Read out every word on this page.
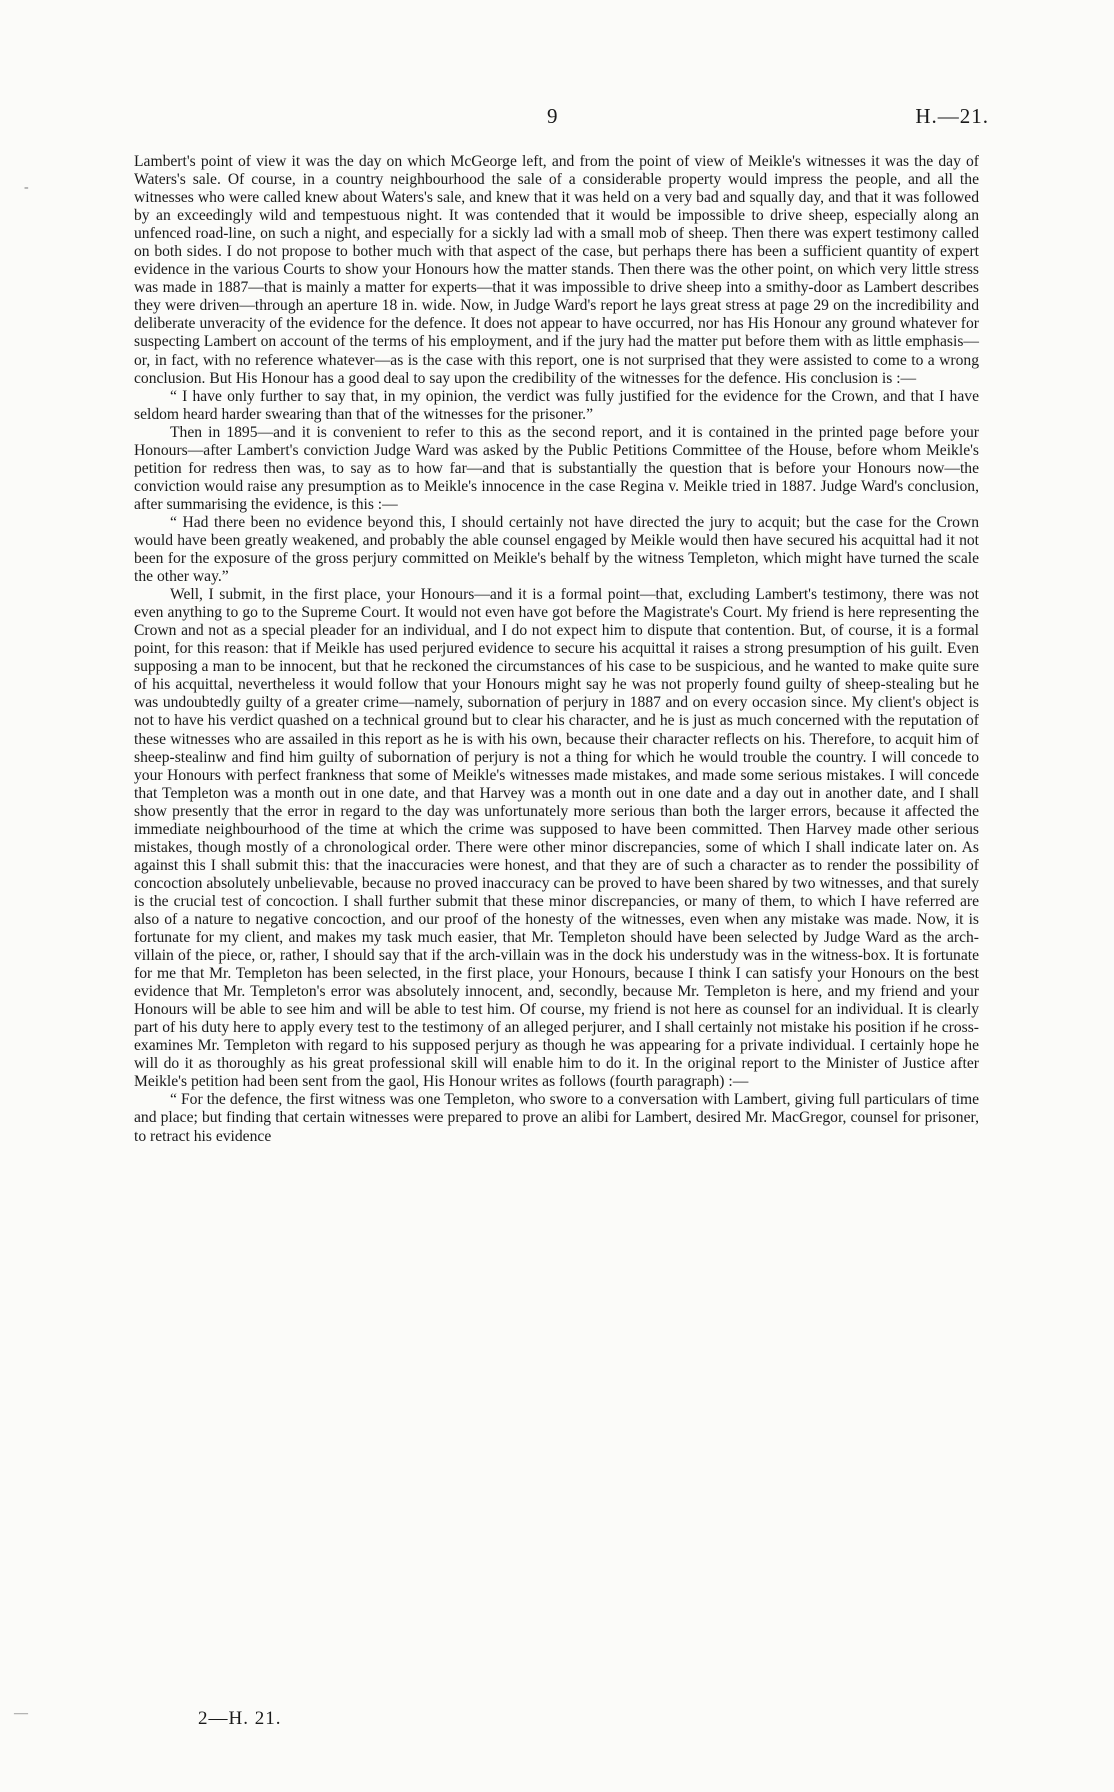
9	H.—21.
-
—

Lambert's point of view it was the day on which McGeorge left, and from the point of view of Meikle's witnesses it was the day of Waters's sale. Of course, in a country neighbourhood the sale of a considerable property would impress the people, and all the witnesses who were called knew about Waters's sale, and knew that it was held on a very bad and squally day, and that it was followed by an exceedingly wild and tempestuous night. It was contended that it would be impossible to drive sheep, especially along an unfenced road-line, on such a night, and especially for a sickly lad with a small mob of sheep. Then there was expert testimony called on both sides. I do not propose to bother much with that aspect of the case, but perhaps there has been a sufficient quantity of expert evidence in the various Courts to show your Honours how the matter stands. Then there was the other point, on which very little stress was made in 1887—that is mainly a matter for experts—that it was impossible to drive sheep into a smithy-door as Lambert describes they were driven—through an aperture 18 in. wide. Now, in Judge Ward's report he lays great stress at page 29 on the incredibility and deliberate unveracity of the evidence for the defence. It does not appear to have occurred, nor has His Honour any ground whatever for suspecting Lambert on account of the terms of his employment, and if the jury had the matter put before them with as little emphasis—or, in fact, with no reference whatever—as is the case with this report, one is not surprised that they were assisted to come to a wrong conclusion. But His Honour has a good deal to say upon the credibility of the witnesses for the defence. His conclusion is :—

“ I have only further to say that, in my opinion, the verdict was fully justified for the evidence for the Crown, and that I have seldom heard harder swearing than that of the witnesses for the prisoner.”

Then in 1895—and it is convenient to refer to this as the second report, and it is contained in the printed page before your Honours—after Lambert's conviction Judge Ward was asked by the Public Petitions Committee of the House, before whom Meikle's petition for redress then was, to say as to how far—and that is substantially the question that is before your Honours now—the conviction would raise any presumption as to Meikle's innocence in the case Regina v. Meikle tried in 1887. Judge Ward's conclusion, after summarising the evidence, is this :—

“ Had there been no evidence beyond this, I should certainly not have directed the jury to acquit; but the case for the Crown would have been greatly weakened, and probably the able counsel engaged by Meikle would then have secured his acquittal had it not been for the exposure of the gross perjury committed on Meikle's behalf by the witness Templeton, which might have turned the scale the other way.”

Well, I submit, in the first place, your Honours—and it is a formal point—that, excluding Lambert's testimony, there was not even anything to go to the Supreme Court. It would not even have got before the Magistrate's Court. My friend is here representing the Crown and not as a special pleader for an individual, and I do not expect him to dispute that contention. But, of course, it is a formal point, for this reason: that if Meikle has used perjured evidence to secure his acquittal it raises a strong presumption of his guilt. Even supposing a man to be innocent, but that he reckoned the circumstances of his case to be suspicious, and he wanted to make quite sure of his acquittal, nevertheless it would follow that your Honours might say he was not properly found guilty of sheep-stealing but he was undoubtedly guilty of a greater crime—namely, subornation of perjury in 1887 and on every occasion since. My client's object is not to have his verdict quashed on a technical ground but to clear his character, and he is just as much concerned with the reputation of these witnesses who are assailed in this report as he is with his own, because their character reflects on his. Therefore, to acquit him of sheep-stealinw and find him guilty of subornation of perjury is not a thing for which he would trouble the country. I will concede to your Honours with perfect frankness that some of Meikle's witnesses made mistakes, and made some serious mistakes. I will concede that Templeton was a month out in one date, and that Harvey was a month out in one date and a day out in another date, and I shall show presently that the error in regard to the day was unfortunately more serious than both the larger errors, because it affected the immediate neighbourhood of the time at which the crime was supposed to have been committed. Then Harvey made other serious mistakes, though mostly of a chronological order. There were other minor discrepancies, some of which I shall indicate later on. As against this I shall submit this: that the inaccuracies were honest, and that they are of such a character as to render the possibility of concoction absolutely unbelievable, because no proved inaccuracy can be proved to have been shared by two witnesses, and that surely is the crucial test of concoction. I shall further submit that these minor discrepancies, or many of them, to which I have referred are also of a nature to negative concoction, and our proof of the honesty of the witnesses, even when any mistake was made. Now, it is fortunate for my client, and makes my task much easier, that Mr. Templeton should have been selected by Judge Ward as the arch-villain of the piece, or, rather, I should say that if the arch-villain was in the dock his understudy was in the witness-box. It is fortunate for me that Mr. Templeton has been selected, in the first place, your Honours, because I think I can satisfy your Honours on the best evidence that Mr. Templeton's error was absolutely innocent, and, secondly, because Mr. Templeton is here, and my friend and your Honours will be able to see him and will be able to test him. Of course, my friend is not here as counsel for an individual. It is clearly part of his duty here to apply every test to the testimony of an alleged perjurer, and I shall certainly not mistake his position if he cross-examines Mr. Templeton with regard to his supposed perjury as though he was appearing for a private individual. I certainly hope he will do it as thoroughly as his great professional skill will enable him to do it. In the original report to the Minister of Justice after Meikle's petition had been sent from the gaol, His Honour writes as follows (fourth paragraph) :—

“ For the defence, the first witness was one Templeton, who swore to a conversation with Lambert, giving full particulars of time and place; but finding that certain witnesses were prepared to prove an alibi for Lambert, desired Mr. MacGregor, counsel for prisoner, to retract his evidence

2—H. 21.
